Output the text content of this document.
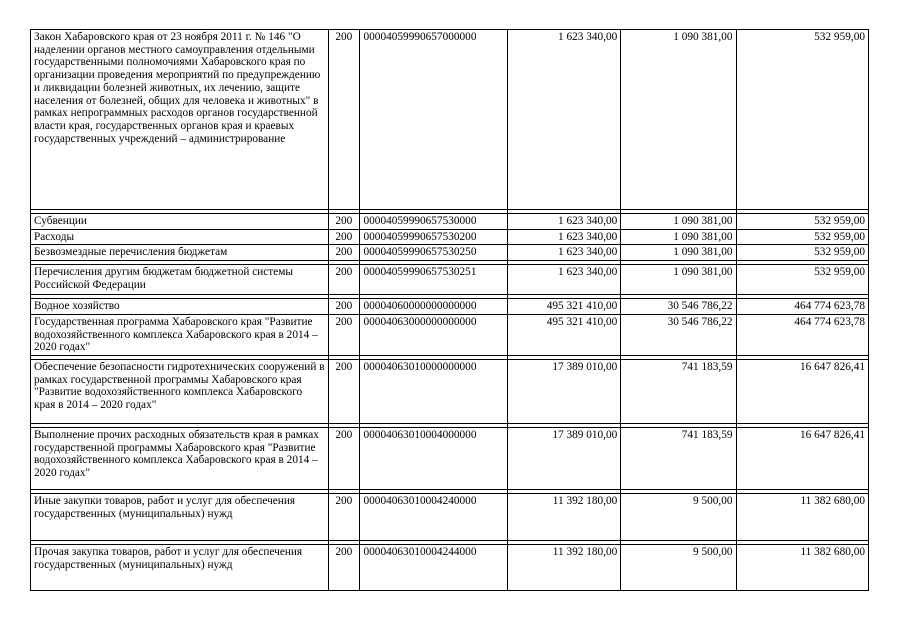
Закон Хабаровского края от 23 ноября 2011 г. № 146 "О наделении органов местного самоуправления отдельными государственными полномочиями Хабаровского края по организации проведения мероприятий по предупреждению и ликвидации болезней животных, их лечению, защите населения от болезней, общих для человека и животных" в рамках непрограммных расходов органов государственной власти края, государственных органов края и краевых государственных учреждений – администрирование	200	00004059990657000000	1 623 340,00	1 090 381,00	532 959,00

Субвенции	200	00004059990657530000	1 623 340,00	1 090 381,00	532 959,00
Расходы	200	00004059990657530200	1 623 340,00	1 090 381,00	532 959,00
Безвозмездные перечисления бюджетам	200	00004059990657530250	1 623 340,00	1 090 381,00	532 959,00

Перечисления другим бюджетам бюджетной системы Российской Федерации	200	00004059990657530251	1 623 340,00	1 090 381,00	532 959,00

Водное хозяйство	200	00004060000000000000	495 321 410,00	30 546 786,22	464 774 623,78
Государственная программа Хабаровского края "Развитие водохозяйственного комплекса Хабаровского края в 2014 – 2020 годах"	200	00004063000000000000	495 321 410,00	30 546 786,22	464 774 623,78

Обеспечение безопасности гидротехнических сооружений в рамках государственной программы Хабаровского края "Развитие водохозяйственного комплекса Хабаровского края в 2014 – 2020 годах"	200	00004063010000000000	17 389 010,00	741 183,59	16 647 826,41

Выполнение прочих расходных обязательств края в рамках государственной программы Хабаровского края "Развитие водохозяйственного комплекса Хабаровского края в 2014 – 2020 годах"	200	00004063010004000000	17 389 010,00	741 183,59	16 647 826,41

Иные закупки товаров, работ и услуг для обеспечения государственных (муниципальных) нужд	200	00004063010004240000	11 392 180,00	9 500,00	11 382 680,00

Прочая закупка товаров, работ и услуг для обеспечения государственных (муниципальных) нужд	200	00004063010004244000	11 392 180,00	9 500,00	11 382 680,00
